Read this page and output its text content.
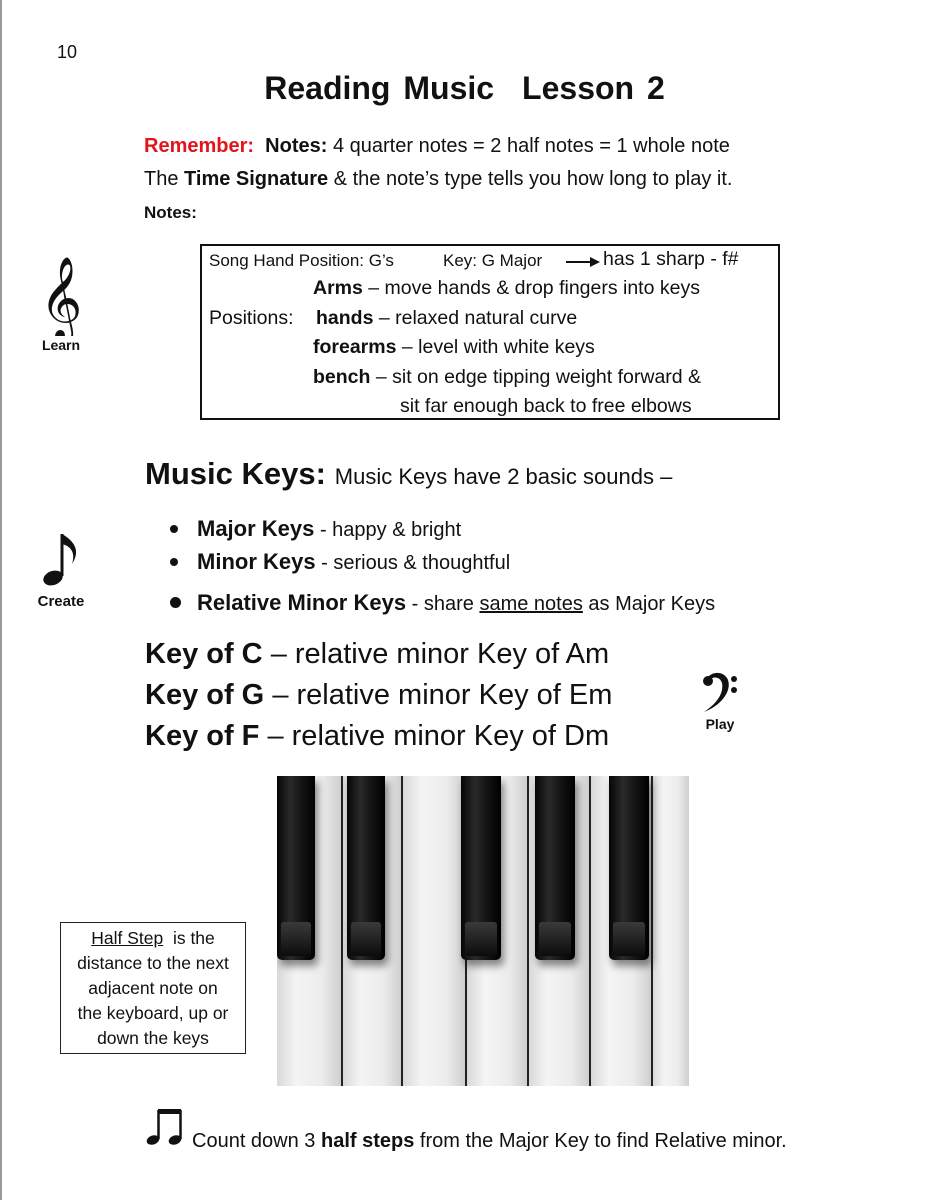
10
Reading Music Lesson 2
Remember: Notes: 4 quarter notes = 2 half notes = 1 whole note
The Time Signature & the note’s type tells you how long to play it.
Notes:
Song Hand Position: G’s	Key: G Major	has 1 sharp - f#
Arms – move hands & drop fingers into keys
Positions: hands – relaxed natural curve
forearms – level with white keys
bench – sit on edge tipping weight forward &
sit far enough back to free elbows
𝄞
Learn
Create
Play
Music Keys: Music Keys have 2 basic sounds –
Major Keys - happy & bright
Minor Keys - serious & thoughtful
Relative Minor Keys - share same notes as Major Keys
Key of C – relative minor Key of Am
Key of G – relative minor Key of Em
Key of F – relative minor Key of Dm
Half Step is the
distance to the next
adjacent note on
the keyboard, up or
down the keys
Count down 3 half steps from the Major Key to find Relative minor.
